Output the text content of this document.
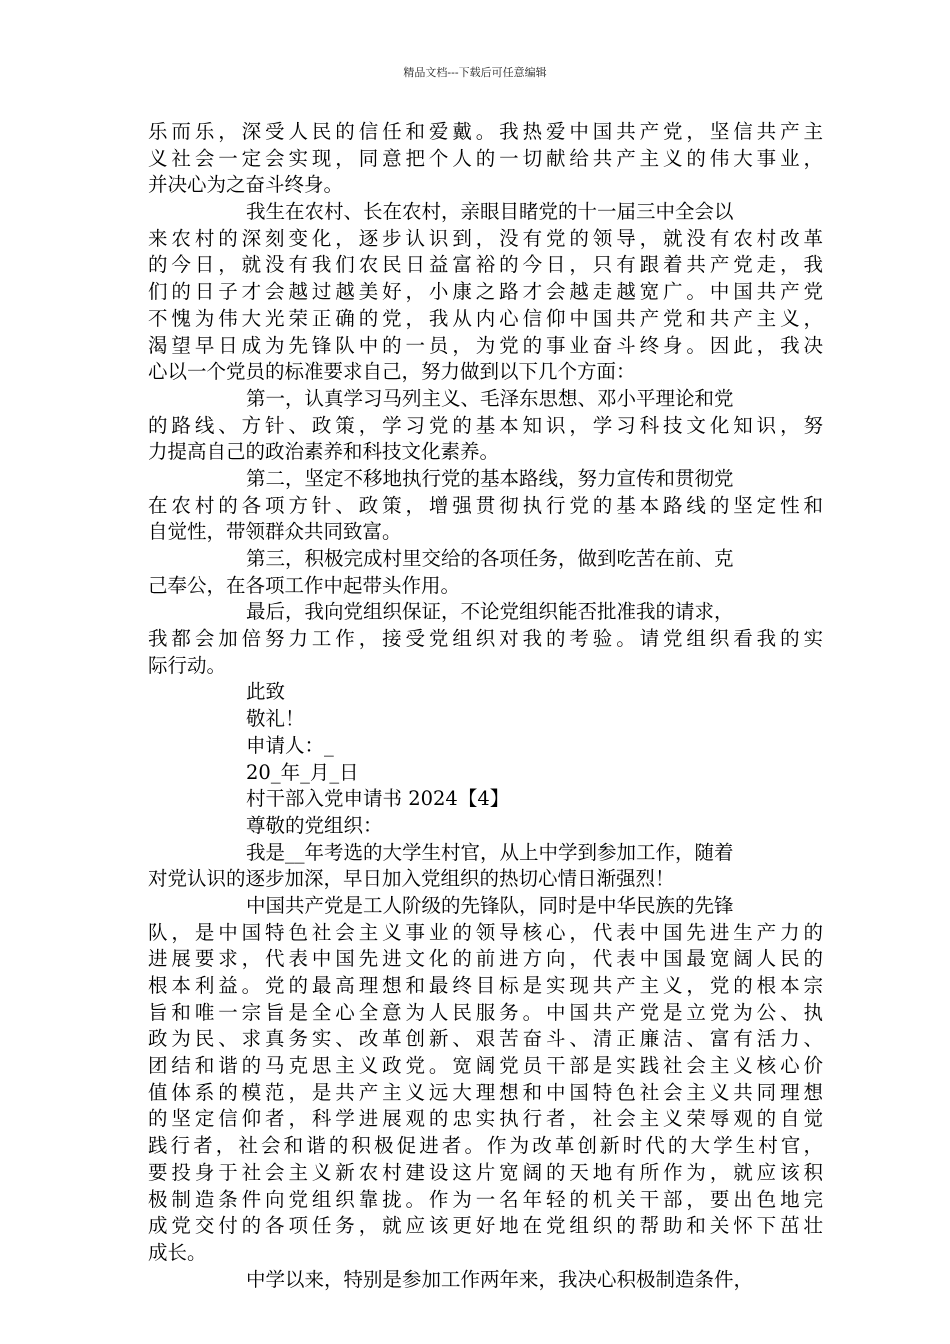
精品文档---下载后可任意编辑
乐而乐，深受人民的信任和爱戴。我热爱中国共产党，坚信共产主
义社会一定会实现，同意把个人的一切献给共产主义的伟大事业，
并决心为之奋斗终身。
我生在农村、长在农村，亲眼目睹党的十一届三中全会以
来农村的深刻变化，逐步认识到，没有党的领导，就没有农村改革
的今日，就没有我们农民日益富裕的今日，只有跟着共产党走，我
们的日子才会越过越美好，小康之路才会越走越宽广。中国共产党
不愧为伟大光荣正确的党，我从内心信仰中国共产党和共产主义，
渴望早日成为先锋队中的一员，为党的事业奋斗终身。因此，我决
心以一个党员的标准要求自己，努力做到以下几个方面：
第一，认真学习马列主义、毛泽东思想、邓小平理论和党
的路线、方针、政策，学习党的基本知识，学习科技文化知识，努
力提高自己的政治素养和科技文化素养。
第二，坚定不移地执行党的基本路线，努力宣传和贯彻党
在农村的各项方针、政策，增强贯彻执行党的基本路线的坚定性和
自觉性，带领群众共同致富。
第三，积极完成村里交给的各项任务，做到吃苦在前、克
己奉公，在各项工作中起带头作用。
最后，我向党组织保证，不论党组织能否批准我的请求，
我都会加倍努力工作，接受党组织对我的考验。请党组织看我的实
际行动。
此致
敬礼！
申请人：_
20_年_月_日
村干部入党申请书 2024【4】
尊敬的党组织：
我是__年考选的大学生村官，从上中学到参加工作，随着
对党认识的逐步加深，早日加入党组织的热切心情日渐强烈！
中国共产党是工人阶级的先锋队，同时是中华民族的先锋
队，是中国特色社会主义事业的领导核心，代表中国先进生产力的
进展要求，代表中国先进文化的前进方向，代表中国最宽阔人民的
根本利益。党的最高理想和最终目标是实现共产主义，党的根本宗
旨和唯一宗旨是全心全意为人民服务。中国共产党是立党为公、执
政为民、求真务实、改革创新、艰苦奋斗、清正廉洁、富有活力、
团结和谐的马克思主义政党。宽阔党员干部是实践社会主义核心价
值体系的模范，是共产主义远大理想和中国特色社会主义共同理想
的坚定信仰者，科学进展观的忠实执行者，社会主义荣辱观的自觉
践行者，社会和谐的积极促进者。作为改革创新时代的大学生村官，
要投身于社会主义新农村建设这片宽阔的天地有所作为，就应该积
极制造条件向党组织靠拢。作为一名年轻的机关干部，要出色地完
成党交付的各项任务，就应该更好地在党组织的帮助和关怀下茁壮
成长。
中学以来，特别是参加工作两年来，我决心积极制造条件，
